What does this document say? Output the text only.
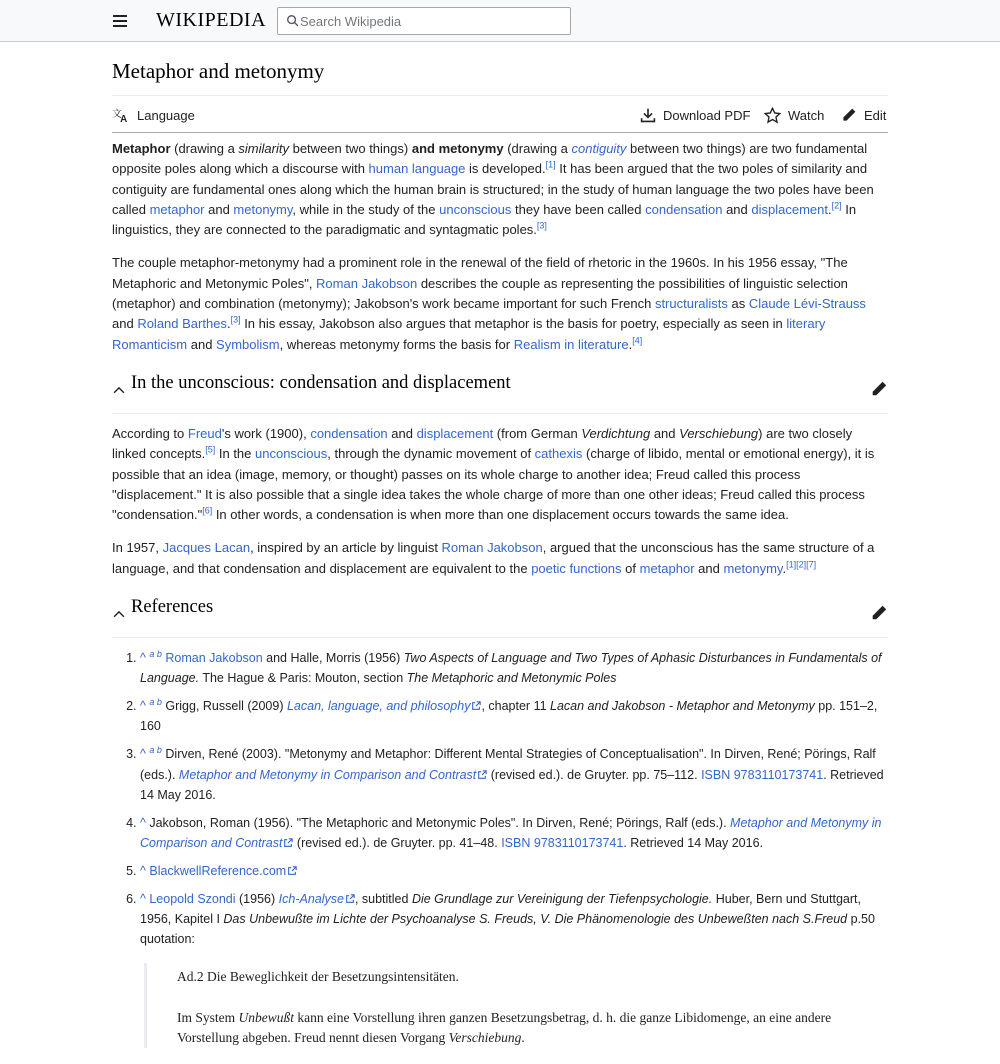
WIKIPEDIA
Search Wikipedia
Metaphor and metonymy
文
A Language	Download PDF	Watch	Edit

Metaphor (drawing a similarity between two things) and metonymy (drawing a contiguity between two things) are two fundamental opposite poles along which a discourse with human language is developed.[1] It has been argued that the two poles of similarity and contiguity are fundamental ones along which the human brain is structured; in the study of human language the two poles have been called metaphor and metonymy, while in the study of the unconscious they have been called condensation and displacement.[2] In linguistics, they are connected to the paradigmatic and syntagmatic poles.[3]

The couple metaphor-metonymy had a prominent role in the renewal of the field of rhetoric in the 1960s. In his 1956 essay, "The Metaphoric and Metonymic Poles", Roman Jakobson describes the couple as representing the possibilities of linguistic selection (metaphor) and combination (metonymy); Jakobson's work became important for such French structuralists as Claude Lévi-Strauss and Roland Barthes.[3] In his essay, Jakobson also argues that metaphor is the basis for poetry, especially as seen in literary Romanticism and Symbolism, whereas metonymy forms the basis for Realism in literature.[4]

In the unconscious: condensation and displacement

According to Freud's work (1900), condensation and displacement (from German Verdichtung and Verschiebung) are two closely linked concepts.[5] In the unconscious, through the dynamic movement of cathexis (charge of libido, mental or emotional energy), it is possible that an idea (image, memory, or thought) passes on its whole charge to another idea; Freud called this process "displacement." It is also possible that a single idea takes the whole charge of more than one other ideas; Freud called this process "condensation."[6] In other words, a condensation is when more than one displacement occurs towards the same idea.

In 1957, Jacques Lacan, inspired by an article by linguist Roman Jakobson, argued that the unconscious has the same structure of a language, and that condensation and displacement are equivalent to the poetic functions of metaphor and metonymy.[1][2][7]

References
1. ^ $^{a b}$ Roman Jakobson and Halle, Morris (1956) Two Aspects of Language and Two Types of Aphasic Disturbances in Fundamentals of Language. The Hague & Paris: Mouton, section The Metaphoric and Metonymic Poles
2. ^ $^{a b}$ Grigg, Russell (2009) Lacan, language, and philosophy , chapter 11 Lacan and Jakobson - Metaphor and Metonymy pp. 151–2, 160
3. ^ $^{a b}$ Dirven, René (2003). "Metonymy and Metaphor: Different Mental Strategies of Conceptualisation". In Dirven, René; Pörings, Ralf (eds.). Metaphor and Metonymy in Comparison and Contrast (revised ed.). de Gruyter. pp. 75–112. ISBN 9783110173741. Retrieved 14 May 2016.
4. ^ Jakobson, Roman (1956). "The Metaphoric and Metonymic Poles". In Dirven, René; Pörings, Ralf (eds.). Metaphor and Metonymy in Comparison and Contrast (revised ed.). de Gruyter. pp. 41–48. ISBN 9783110173741. Retrieved 14 May 2016.
5. ^ BlackwellReference.com
6. ^ Leopold Szondi (1956) Ich-Analyse , subtitled Die Grundlage zur Vereinigung der Tiefenpsychologie. Huber, Bern und Stuttgart, 1956, Kapitel I Das Unbewußte im Lichte der Psychoanalyse S. Freuds, V. Die Phänomenologie des Unbeweßten nach S.Freud p.50 quotation:

Ad.2 Die Beweglichkeit der Besetzungsintensitäten.

Im System Unbewußt kann eine Vorstellung ihren ganzen Besetzungsbetrag, d. h. die ganze Libidomenge, an eine andere Vorstellung abgeben. Freud nennt diesen Vorgang Verschiebung.
